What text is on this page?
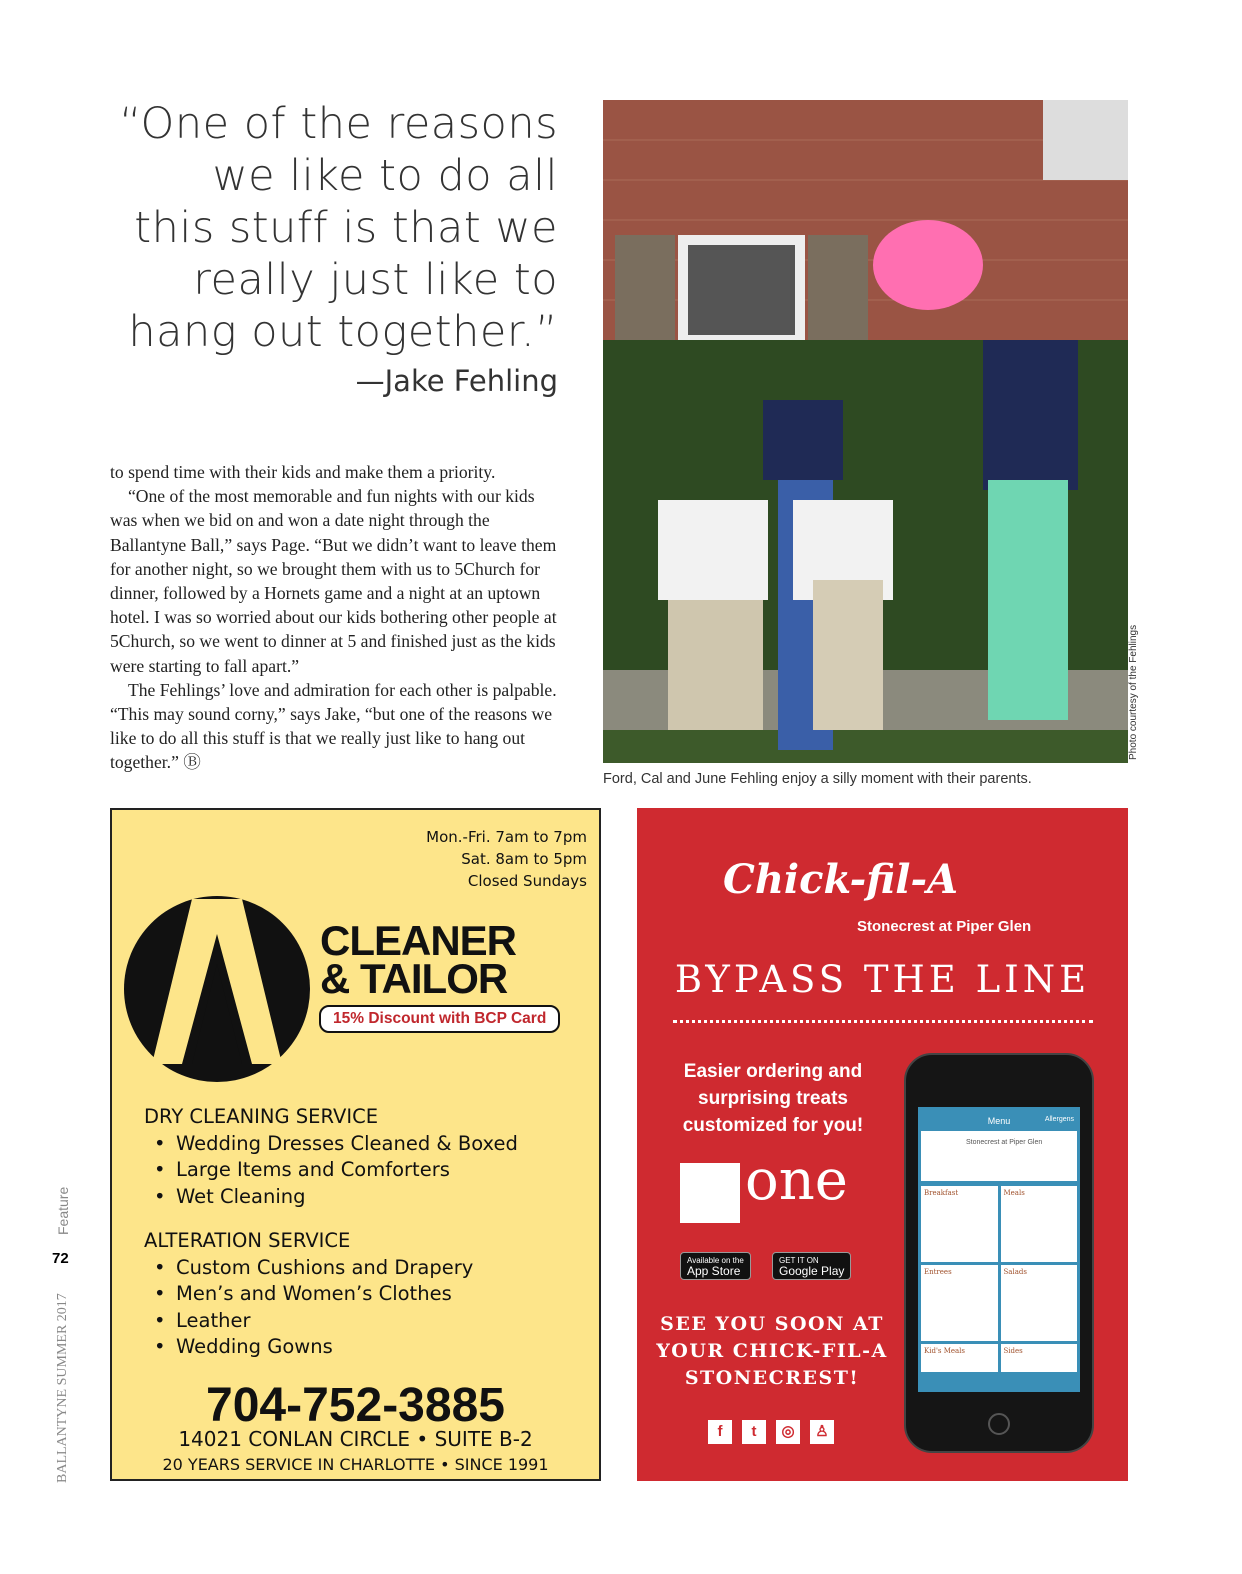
“One of the reasons
we like to do all
this stuff is that we
really just like to
hang out together.”
—Jake Fehling

to spend time with their kids and make them a priority.

“One of the most memorable and fun nights with our kids was when we bid on and won a date night through the Ballantyne Ball,” says Page. “But we didn’t want to leave them for another night, so we brought them with us to 5Church for dinner, followed by a Hornets game and a night at an uptown hotel. I was so worried about our kids bothering other people at 5Church, so we went to dinner at 5 and finished just as the kids were starting to fall apart.”

The Fehlings’ love and admiration for each other is palpable. “This may sound corny,” says Jake, “but one of the reasons we like to do all this stuff is that we really just like to hang out together.” Ⓑ

Photo courtesy of the Fehlings
Ford, Cal and June Fehling enjoy a silly moment with their parents.
Feature
72
BALLANTYNE SUMMER 2017
Mon.-Fri. 7am to 7pm
Sat. 8am to 5pm
Closed Sundays
CLEANER
& TAILOR
15% Discount with BCP Card
DRY CLEANING SERVICE
• Wedding Dresses Cleaned & Boxed
• Large Items and Comforters
• Wet Cleaning
ALTERATION SERVICE
• Custom Cushions and Drapery
• Men’s and Women’s Clothes
• Leather
• Wedding Gowns
704-752-3885
14021 CONLAN CIRCLE • SUITE B-2
20 YEARS SERVICE IN CHARLOTTE • SINCE 1991
Chick-fil-A
Stonecrest at Piper Glen
BYPASS THE LINE
Easier ordering and
surprising treats
customized for you!
one
Available on the
App Store
GET IT ON
Google Play
SEE YOU SOON AT
YOUR CHICK-FIL-A
STONECREST!
f t ◎ ♙
Menu	Allergens
Stonecrest at Piper Glen
Breakfast	Meals
Entrees	Salads
Kid's Meals	Sides
